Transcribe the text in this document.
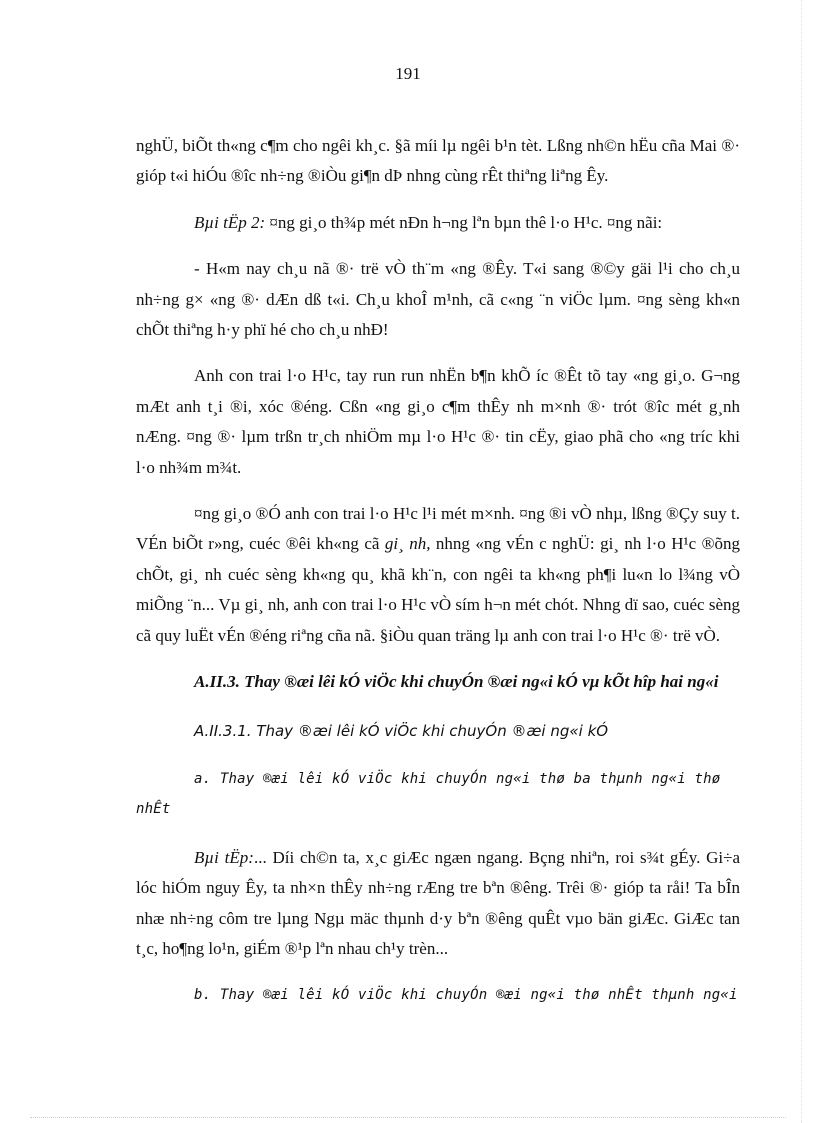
191

nghÜ, biÕt th«ng c¶m cho ngêi kh¸c. §ã míi lµ ngêi b¹n tèt. Lßng nh©n hËu cña Mai ®· gióp t«i hiÓu ®îc nh÷ng ®iÒu gi¶n dÞ nhng cùng rÊt thiªng liªng Êy.

Bµi tËp 2: ¤ng gi¸o th¾p mét nÐn h¬ng lªn bµn thê l·o H¹c. ¤ng nãi:

- H«m nay ch¸u nã ®· trë vÒ th¨m «ng ®Êy. T«i sang ®©y gäi l¹i cho ch¸u nh÷ng g× «ng ®· dÆn dß t«i. Ch¸u khoÎ m¹nh, cã c«ng ¨n viÖc lµm. ¤ng sèng kh«n chÕt thiªng h·y phï hé cho ch¸u nhÐ!

Anh con trai l·o H¹c, tay run run nhËn b¶n khÕ íc ®Êt tõ tay «ng gi¸o. G¬ng mÆt anh t¸i ®i, xóc ®éng. Cßn «ng gi¸o c¶m thÊy nh m×nh ®· trót ®îc mét g¸nh nÆng. ¤ng ®· lµm trßn tr¸ch nhiÖm mµ l·o H¹c ®· tin cËy, giao phã cho «ng tríc khi l·o nh¾m m¾t.

¤ng gi¸o ®Ó anh con trai l·o H¹c l¹i mét m×nh. ¤ng ®i vÒ nhµ, lßng ®Çy suy t. VÉn biÕt r»ng, cuéc ®êi kh«ng cã gi¸ nh, nhng «ng vÉn c nghÜ: gi¸ nh l·o H¹c ®õng chÕt, gi¸ nh cuéc sèng kh«ng qu¸ khã kh¨n, con ngêi ta kh«ng ph¶i lu«n lo l¾ng vÒ miÕng ¨n... Vµ gi¸ nh, anh con trai l·o H¹c vÒ sím h¬n mét chót. Nhng dï sao, cuéc sèng cã quy luËt vÉn ®éng riªng cña nã. §iÒu quan träng lµ anh con trai l·o H¹c ®· trë vÒ.

A.II.3. Thay ®æi lêi kÓ viÖc khi chuyÓn ®æi ng«i kÓ vµ kÕt hîp hai ng«i

A.II.3.1. Thay ®æi lêi kÓ viÖc khi chuyÓn ®æi ng«i kÓ

a. Thay ®æi lêi kÓ viÖc khi chuyÓn ng«i thø ba thµnh ng«i thø nhÊt

Bµi tËp:... Díi ch©n ta, x¸c giÆc ngæn ngang. Bçng nhiªn, roi s¾t gÉy. Gi÷a lóc hiÓm nguy Êy, ta nh×n thÊy nh÷ng rÆng tre bªn ®êng. Trêi ®· gióp ta råi! Ta bÎn nhæ nh÷ng côm tre lµng Ngµ mäc thµnh d·y bªn ®êng quÊt vµo bän giÆc. GiÆc tan t¸c, ho¶ng lo¹n, giÉm ®¹p lªn nhau ch¹y trèn...

b. Thay ®æi lêi kÓ viÖc khi chuyÓn ®æi ng«i thø nhÊt thµnh ng«i
